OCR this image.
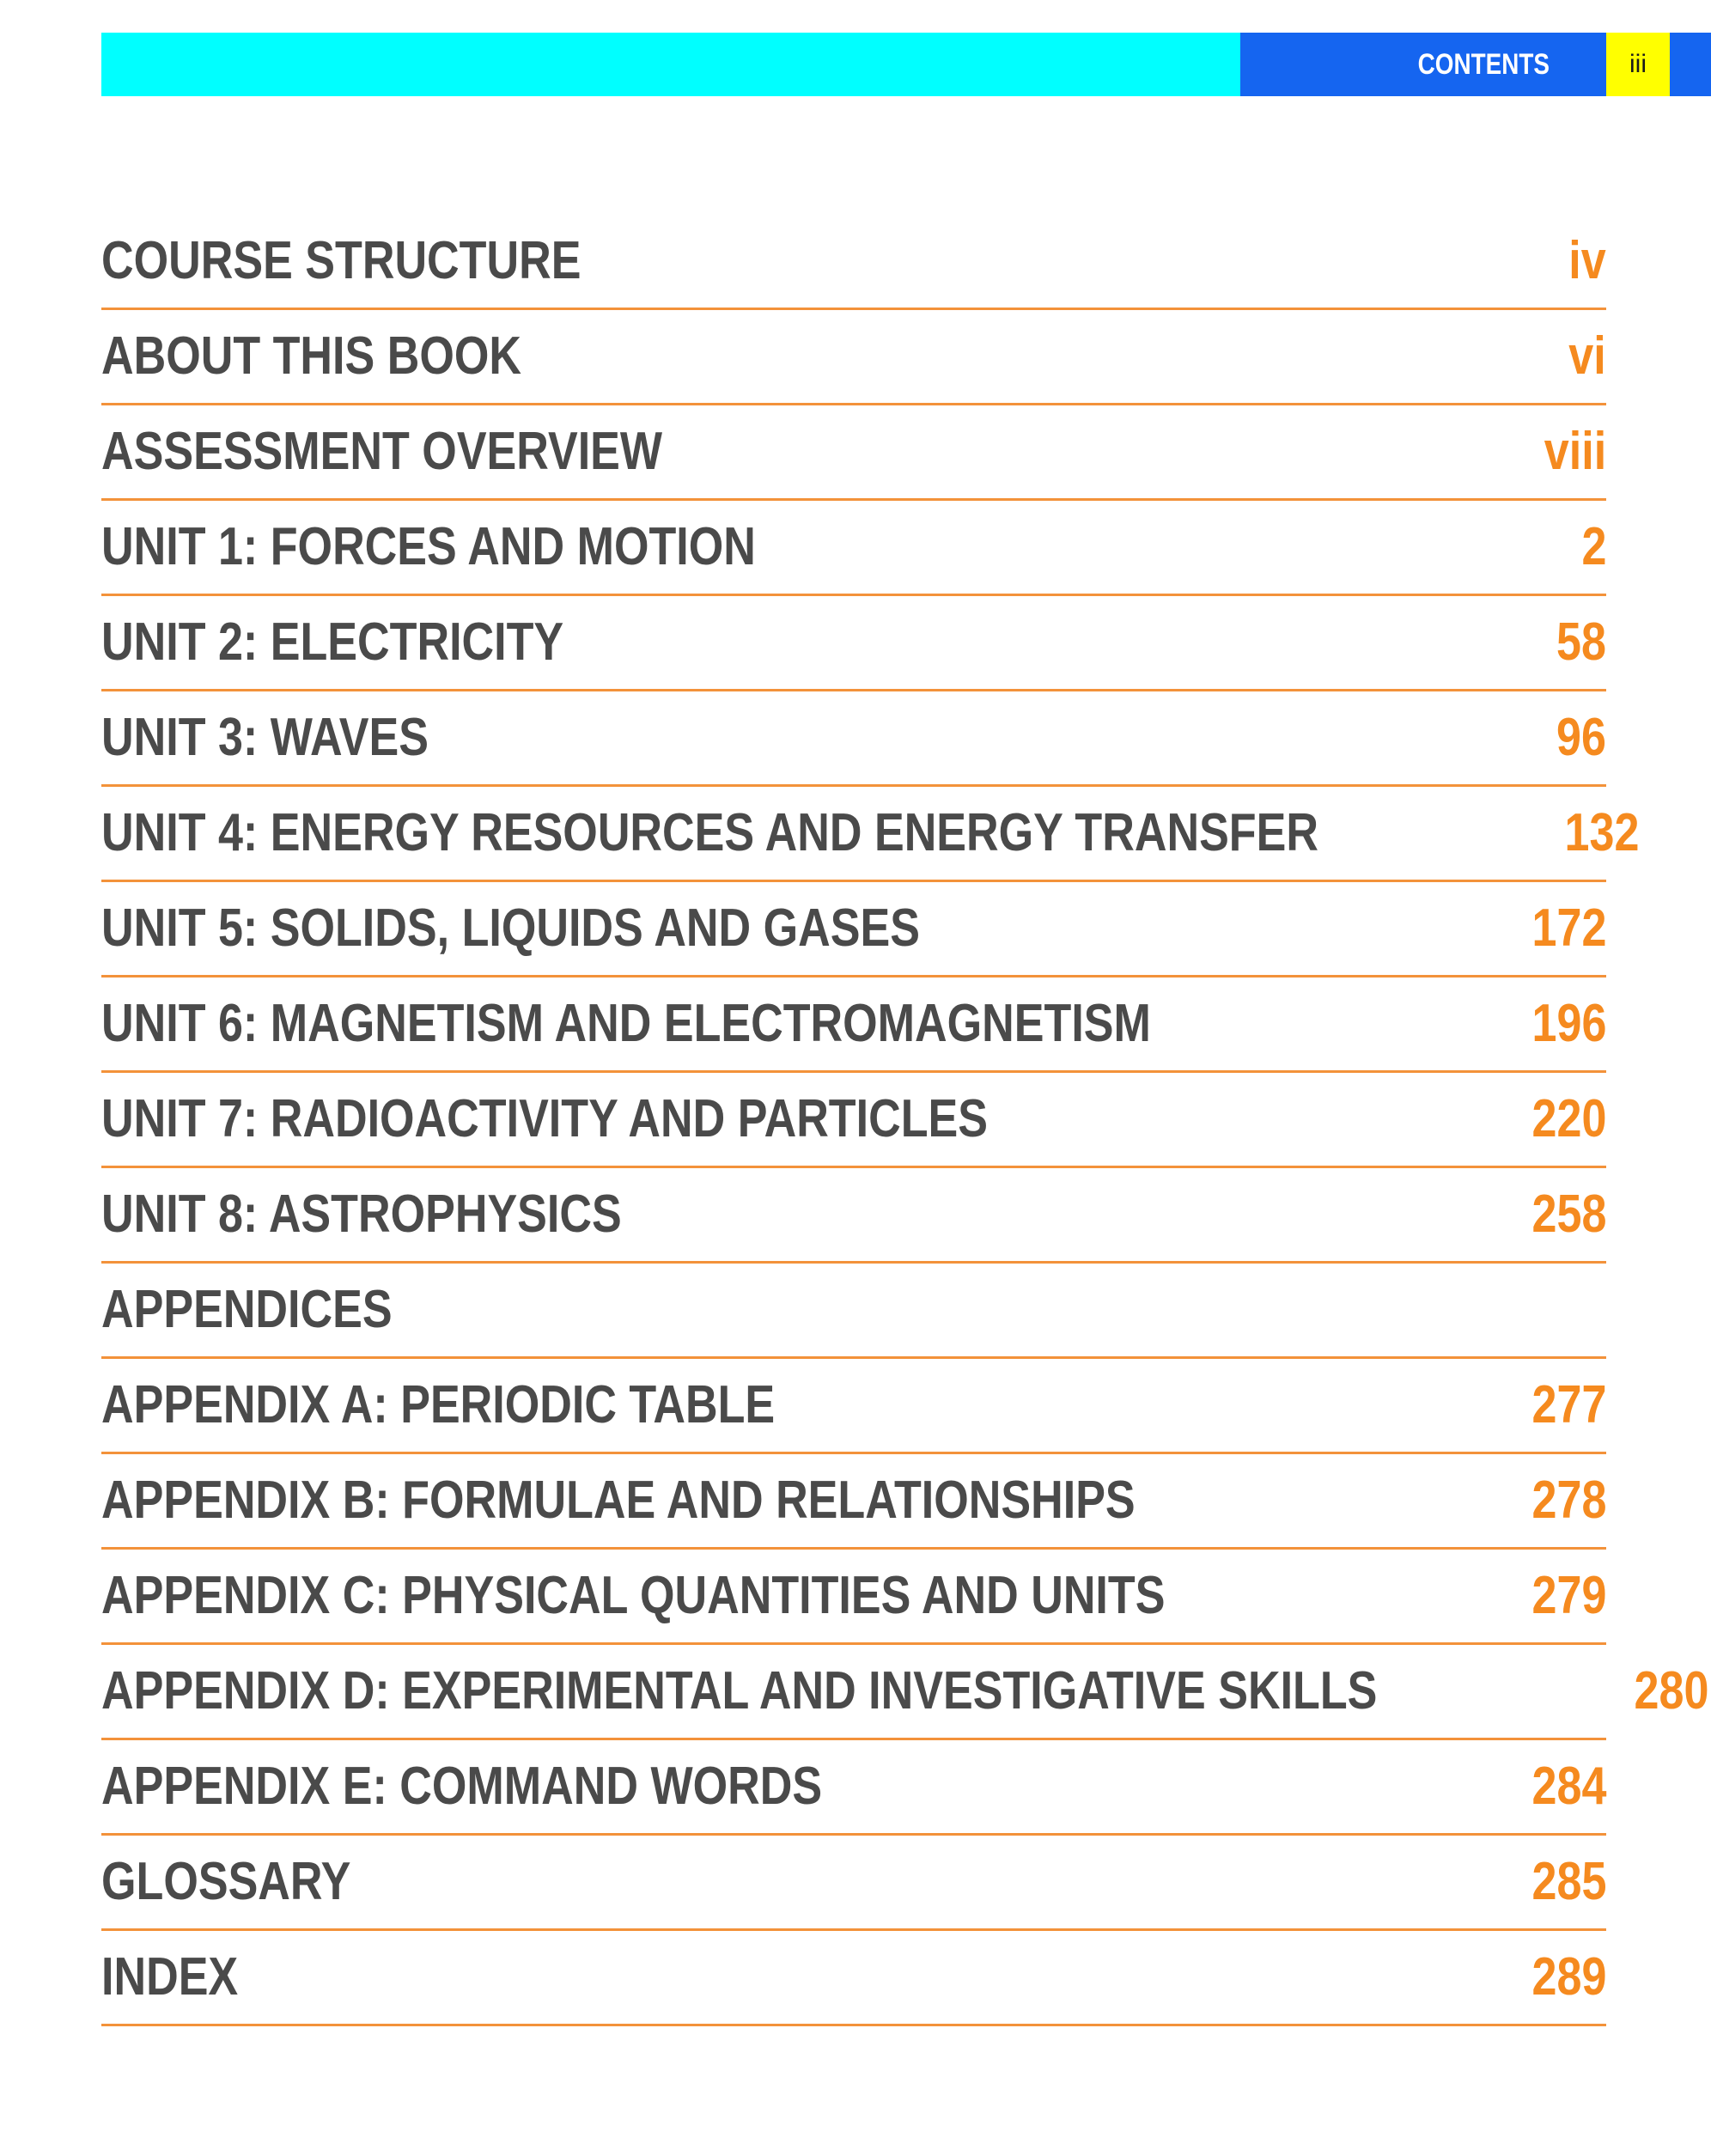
CONTENTS	iii
COURSE STRUCTURE	iv
ABOUT THIS BOOK	vi
ASSESSMENT OVERVIEW	viii
UNIT 1: FORCES AND MOTION	2
UNIT 2: ELECTRICITY	58
UNIT 3: WAVES	96
UNIT 4: ENERGY RESOURCES AND ENERGY TRANSFER	132
UNIT 5: SOLIDS, LIQUIDS AND GASES	172
UNIT 6: MAGNETISM AND ELECTROMAGNETISM	196
UNIT 7: RADIOACTIVITY AND PARTICLES	220
UNIT 8: ASTROPHYSICS	258
APPENDICES
APPENDIX A: PERIODIC TABLE	277
APPENDIX B: FORMULAE AND RELATIONSHIPS	278
APPENDIX C: PHYSICAL QUANTITIES AND UNITS	279
APPENDIX D: EXPERIMENTAL AND INVESTIGATIVE SKILLS	280
APPENDIX E: COMMAND WORDS	284
GLOSSARY	285
INDEX	289
